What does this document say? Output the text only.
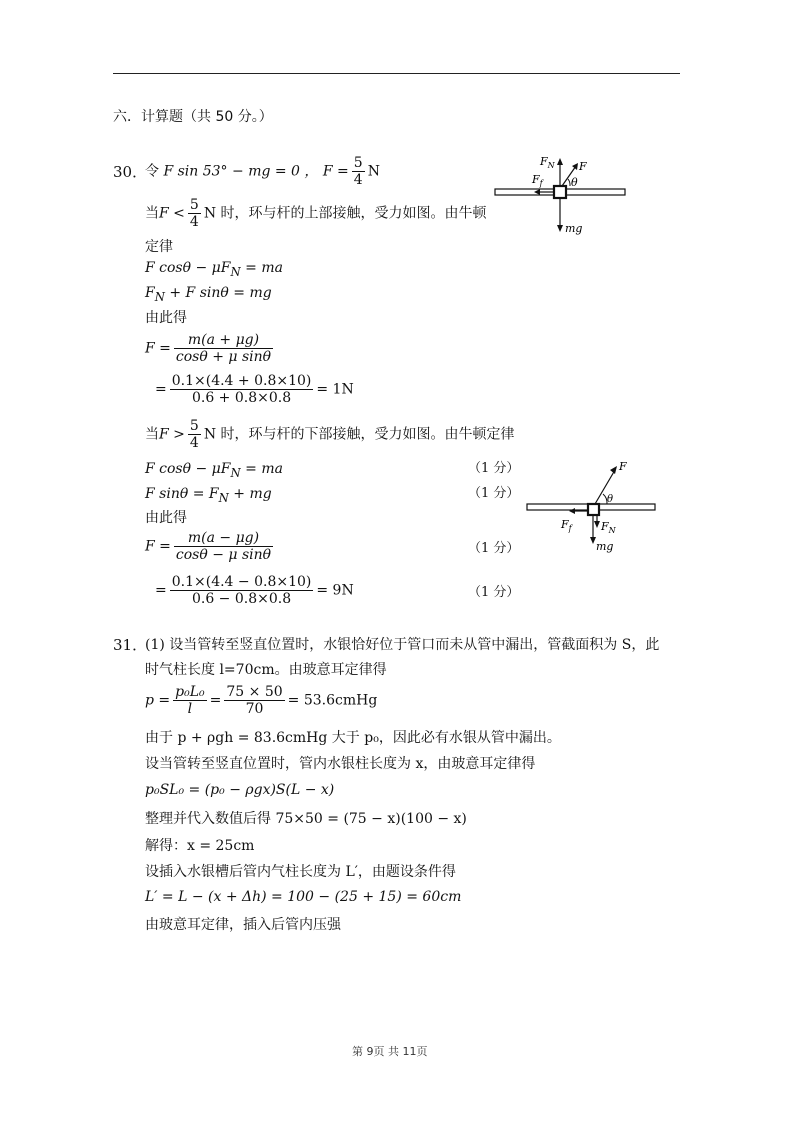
六．计算题（共 50 分。）
30．
令 F sin 53° − mg = 0 ， $F = \frac{5}{4}$ N
当$F < \frac{5}{4}$ N 时，环与杆的上部接触，受力如图。由牛顿
定律
F $\cos\theta - \mu F_N$ = ma
$F_N + F$ sinθ = mg
由此得
$F = \frac{m(a + \mu g)}{\text{cosθ + μ sinθ}}$
= $\frac{0.1\times(4.4 + 0.8\times 10)}{0.6 + 0.8\times 0.8} = 1N$
当$F > \frac{5}{4}$ N 时，环与杆的下部接触，受力如图。由牛顿定律
F $\cos\theta - \mu F_N$ = ma	（1 分）
F $\sin\theta = F_N$ + mg	（1 分）
由此得
$F = \frac{m(a - \mu g)}{\text{cosθ − μ sinθ}}$	（1 分）
= $\frac{0.1\times(4.4 - 0.8\times 10)}{0.6 - 0.8\times 0.8} = 9N$	（1 分）
$F_N$ F
$F_f$	θ
mg
F
$F_f$	$F_N$
θ
mg
31．
(1) 设当管转至竖直位置时，水银恰好位于管口而未从管中漏出，管截面积为 S，此
时气柱长度 l=70cm。由玻意耳定律得
$p = \frac{\text{p₀L₀}}{l} = \frac{75 \times 50}{70}$ = 53.6cmHg
由于 p + ρgh = 83.6cmHg 大于 p₀，因此必有水银从管中漏出。
设当管转至竖直位置时，管内水银柱长度为 x，由玻意耳定律得
p₀SL₀ = (p₀ − ρgx)S(L − x)
整理并代入数值后得 75×50 = (75 − x)(100 − x)
解得：x = 25cm
设插入水银槽后管内气柱长度为 L′，由题设条件得
L′ = L − (x + Δh) = 100 − (25 + 15) = 60cm
由玻意耳定律，插入后管内压强
第 9页 共 11页
